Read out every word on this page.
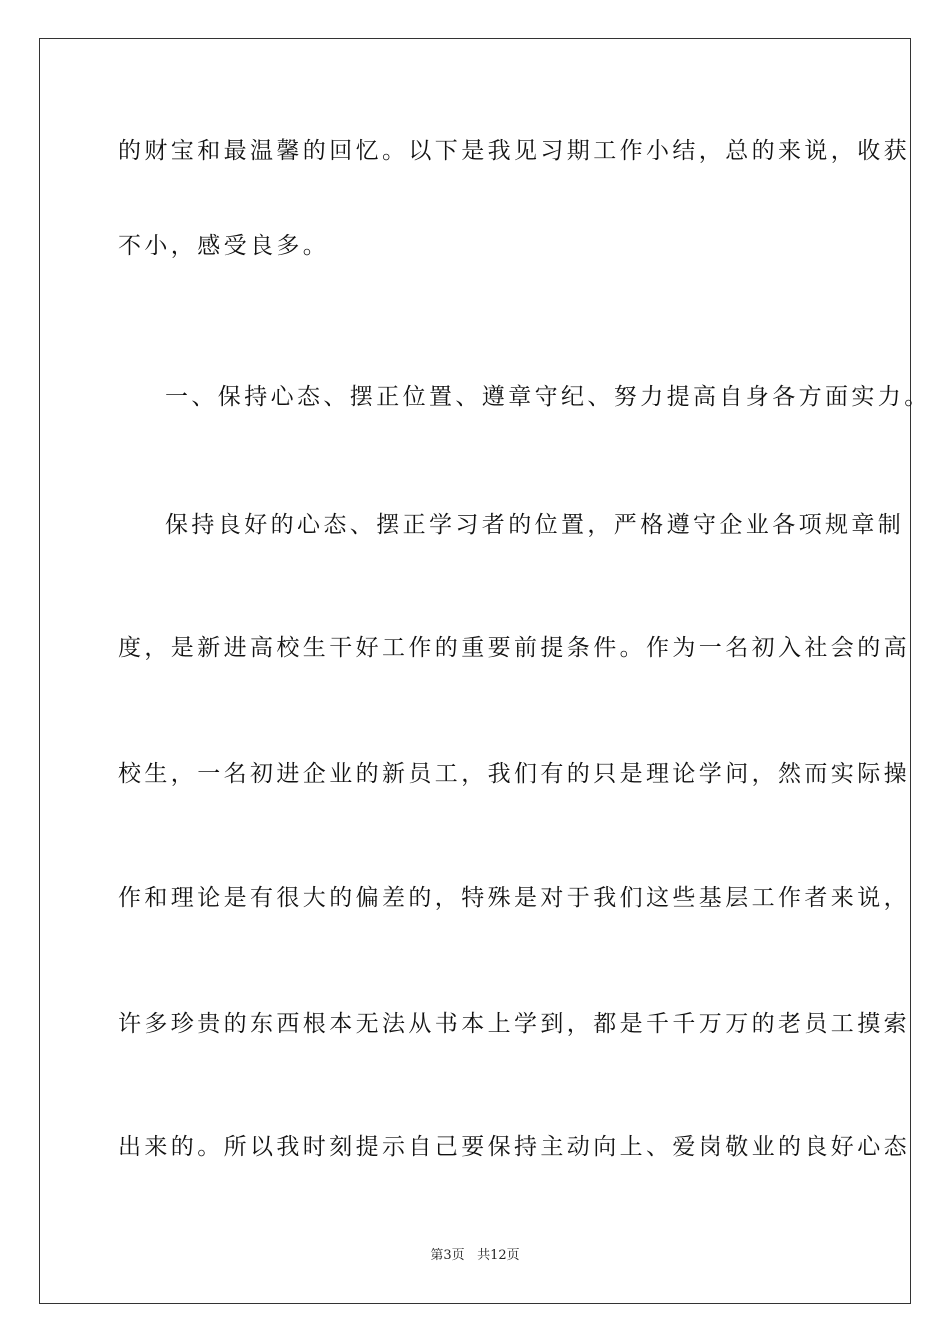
的财宝和最温馨的回忆。以下是我见习期工作小结，总的来说，收获
不小，感受良多。
一、保持心态、摆正位置、遵章守纪、努力提高自身各方面实力。
保持良好的心态、摆正学习者的位置，严格遵守企业各项规章制
度，是新进高校生干好工作的重要前提条件。作为一名初入社会的高
校生，一名初进企业的新员工，我们有的只是理论学问，然而实际操
作和理论是有很大的偏差的，特殊是对于我们这些基层工作者来说，
许多珍贵的东西根本无法从书本上学到，都是千千万万的老员工摸索
出来的。所以我时刻提示自己要保持主动向上、爱岗敬业的良好心态
第3页 共12页
